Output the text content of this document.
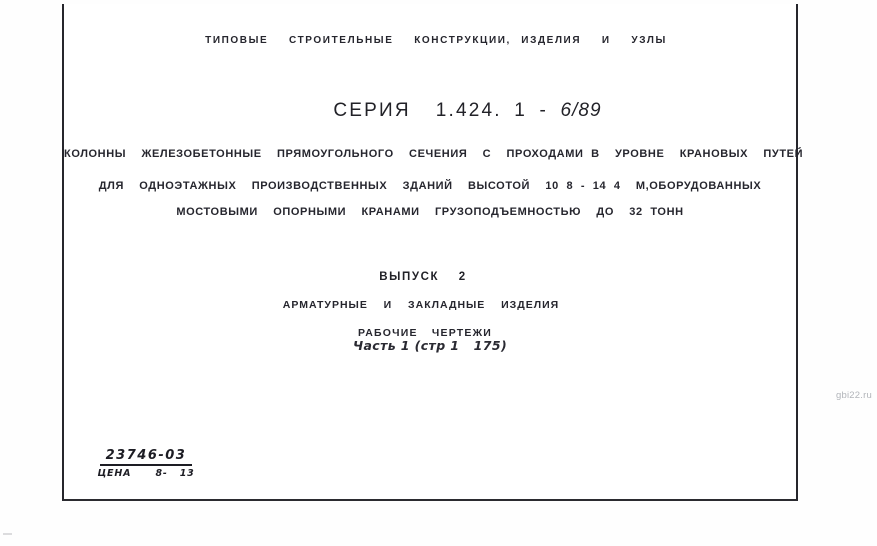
ТИПОВЫЕ  СТРОИТЕЛЬНЫЕ  КОНСТРУКЦИИ, ИЗДЕЛИЯ  И  УЗЛЫ

СЕРИЯ  1.424. 1 - 6/89

КОЛОННЫ  ЖЕЛЕЗОБЕТОННЫЕ  ПРЯМОУГОЛЬНОГО  СЕЧЕНИЯ  С  ПРОХОДАМИ В  УРОВНЕ  КРАНОВЫХ  ПУТЕЙ
ДЛЯ  ОДНОЭТАЖНЫХ  ПРОИЗВОДСТВЕННЫХ  ЗДАНИЙ  ВЫСОТОЙ  10 8 - 14 4  М,ОБОРУДОВАННЫХ
МОСТОВЫМИ  ОПОРНЫМИ  КРАНАМИ  ГРУЗОПОДЪЕМНОСТЬЮ  ДО  32 ТОНН
ВЫПУСК  2
АРМАТУРНЫЕ  И  ЗАКЛАДНЫЕ  ИЗДЕЛИЯ
РАБОЧИЕ  ЧЕРТЕЖИ
Часть 1 (стр 1   175)
23746-03
ЦЕНА	8- 13
gbi22.ru
